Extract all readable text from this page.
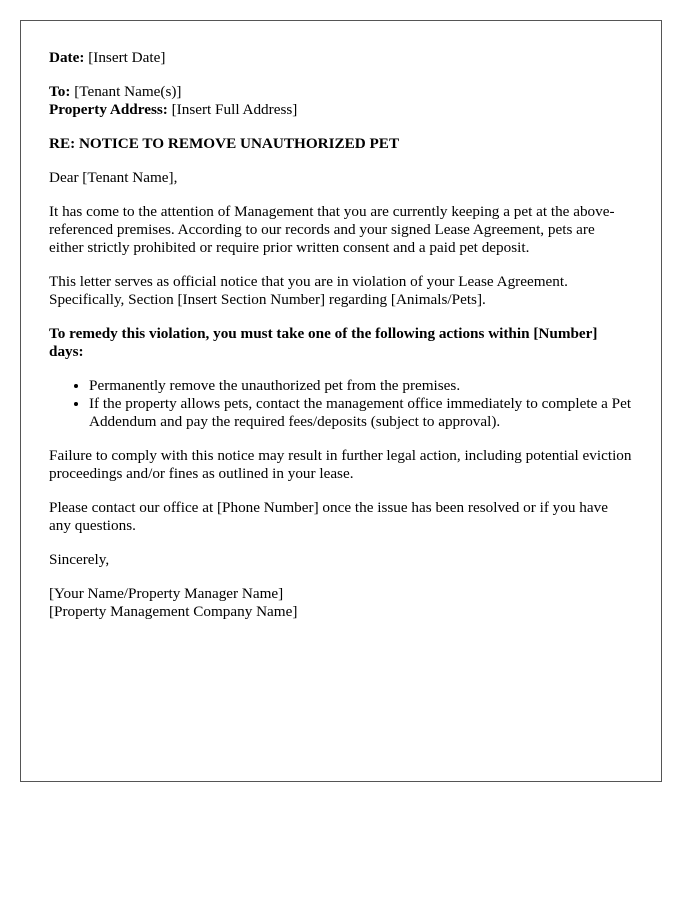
Date: [Insert Date]

To: [Tenant Name(s)]

Property Address: [Insert Full Address]

RE: NOTICE TO REMOVE UNAUTHORIZED PET

Dear [Tenant Name],

It has come to the attention of Management that you are currently keeping a pet at the above-referenced premises. According to our records and your signed Lease Agreement, pets are either strictly prohibited or require prior written consent and a paid pet deposit.

This letter serves as official notice that you are in violation of your Lease Agreement. Specifically, Section [Insert Section Number] regarding [Animals/Pets].

To remedy this violation, you must take one of the following actions within [Number] days:

• Permanently remove the unauthorized pet from the premises.
• If the property allows pets, contact the management office immediately to complete a Pet Addendum and pay the required fees/deposits (subject to approval).

Failure to comply with this notice may result in further legal action, including potential eviction proceedings and/or fines as outlined in your lease.

Please contact our office at [Phone Number] once the issue has been resolved or if you have any questions.

Sincerely,

[Your Name/Property Manager Name]

[Property Management Company Name]
